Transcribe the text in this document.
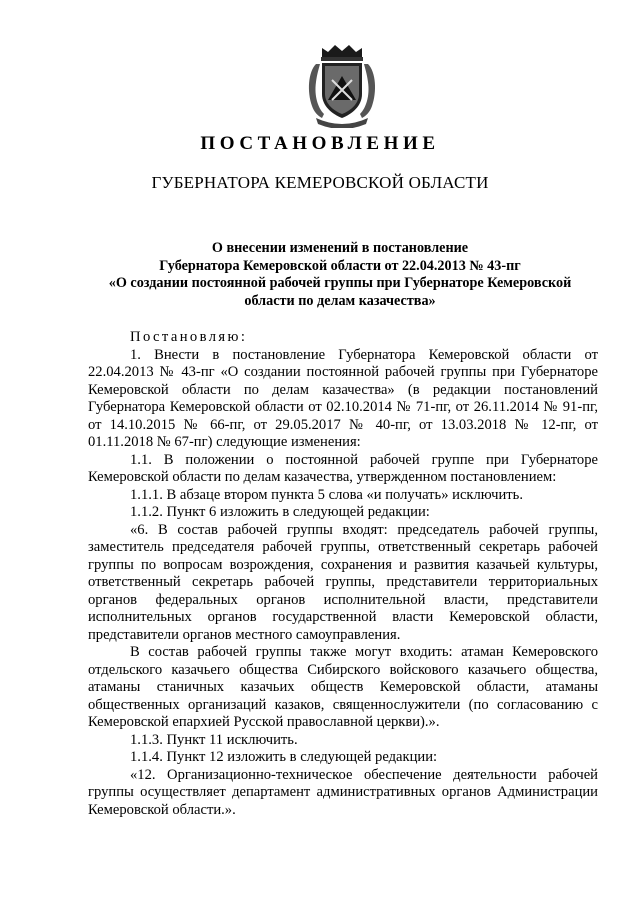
ПОСТАНОВЛЕНИЕ
ГУБЕРНАТОРА КЕМЕРОВСКОЙ ОБЛАСТИ
О внесении изменений в постановление
Губернатора Кемеровской области от 22.04.2013 № 43-пг
«О создании постоянной рабочей группы при Губернаторе Кемеровской
области по делам казачества»

Постановляю:

1. Внести в постановление Губернатора Кемеровской области от 22.04.2013 № 43-пг «О создании постоянной рабочей группы при Губернаторе Кемеровской области по делам казачества» (в редакции постановлений Губернатора Кемеровской области от 02.10.2014 № 71-пг, от 26.11.2014 № 91-пг, от 14.10.2015 № 66-пг, от 29.05.2017 № 40-пг, от 13.03.2018 № 12-пг, от 01.11.2018 № 67-пг) следующие изменения:

1.1. В положении о постоянной рабочей группе при Губернаторе Кемеровской области по делам казачества, утвержденном постановлением:

1.1.1. В абзаце втором пункта 5 слова «и получать» исключить.

1.1.2. Пункт 6 изложить в следующей редакции:

«6. В состав рабочей группы входят: председатель рабочей группы, заместитель председателя рабочей группы, ответственный секретарь рабочей группы по вопросам возрождения, сохранения и развития казачьей культуры, ответственный секретарь рабочей группы, представители территориальных органов федеральных органов исполнительной власти, представители исполнительных органов государственной власти Кемеровской области, представители органов местного самоуправления.

В состав рабочей группы также могут входить: атаман Кемеровского отдельского казачьего общества Сибирского войскового казачьего общества, атаманы станичных казачьих обществ Кемеровской области, атаманы общественных организаций казаков, священнослужители (по согласованию с Кемеровской епархией Русской православной церкви).».

1.1.3. Пункт 11 исключить.

1.1.4. Пункт 12 изложить в следующей редакции:

«12. Организационно-техническое обеспечение деятельности рабочей группы осуществляет департамент административных органов Администрации Кемеровской области.».
